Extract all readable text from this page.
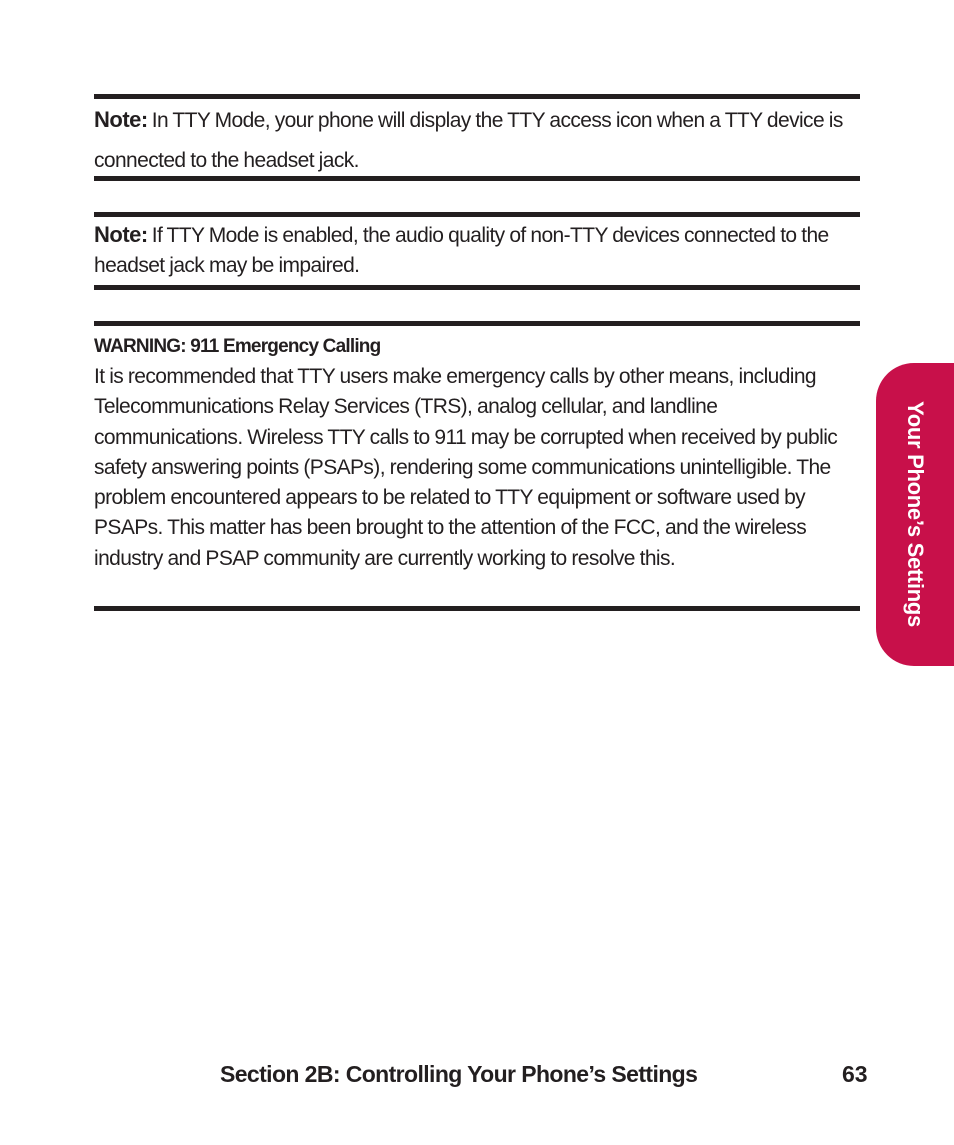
Note: In TTY Mode, your phone will display the TTY access icon when a TTY device is connected to the headset jack.

Note: If TTY Mode is enabled, the audio quality of non-TTY devices connected to the headset jack may be impaired.

WARNING: 911 Emergency Calling

It is recommended that TTY users make emergency calls by other means, including Telecommunications Relay Services (TRS), analog cellular, and landline communications. Wireless TTY calls to 911 may be corrupted when received by public safety answering points (PSAPs), rendering some communications unintelligible. The problem encountered appears to be related to TTY equipment or software used by PSAPs. This matter has been brought to the attention of the FCC, and the wireless industry and PSAP community are currently working to resolve this.	Your Phone’s Settings
Section 2B: Controlling Your Phone’s Settings	63
